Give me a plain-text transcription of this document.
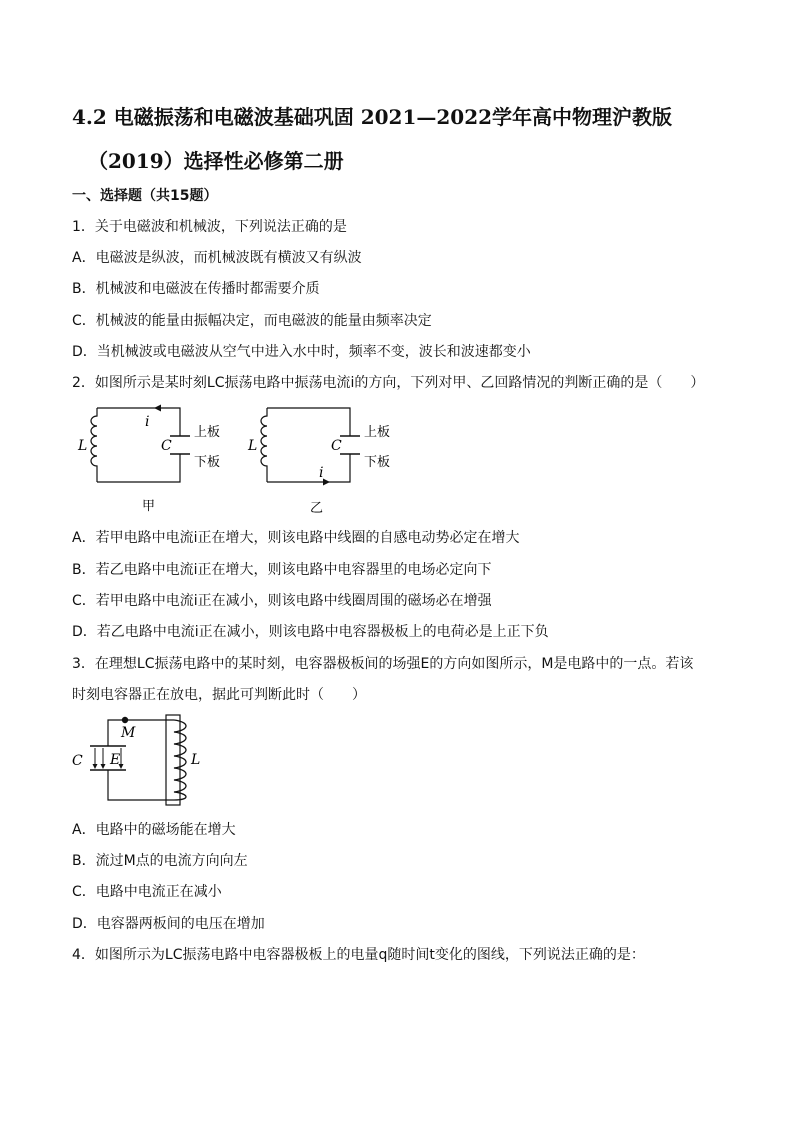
4.2 电磁振荡和电磁波基础巩固 2021—2022学年高中物理沪教版
（2019）选择性必修第二册
一、选择题（共15题）
1．关于电磁波和机械波，下列说法正确的是
A．电磁波是纵波，而机械波既有横波又有纵波
B．机械波和电磁波在传播时都需要介质
C．机械波的能量由振幅决定，而电磁波的能量由频率决定
D．当机械波或电磁波从空气中进入水中时，频率不变，波长和波速都变小
2．如图所示是某时刻LC振荡电路中振荡电流i的方向，下列对甲、乙回路情况的判断正确的是（　　）
i
L	C
上板
下板
甲
i
L	C
上板
下板
乙
A．若甲电路中电流i正在增大，则该电路中线圈的自感电动势必定在增大
B．若乙电路中电流i正在增大，则该电路中电容器里的电场必定向下
C．若甲电路中电流i正在减小，则该电路中线圈周围的磁场必在增强
D．若乙电路中电流i正在减小，则该电路中电容器极板上的电荷必是上正下负
3．在理想LC振荡电路中的某时刻，电容器极板间的场强E的方向如图所示，M是电路中的一点。若该
时刻电容器正在放电，据此可判断此时（　　）
C E
M
L
A．电路中的磁场能在增大
B．流过M点的电流方向向左
C．电路中电流正在减小
D．电容器两板间的电压在增加
4．如图所示为LC振荡电路中电容器极板上的电量q随时间t变化的图线，下列说法正确的是：
